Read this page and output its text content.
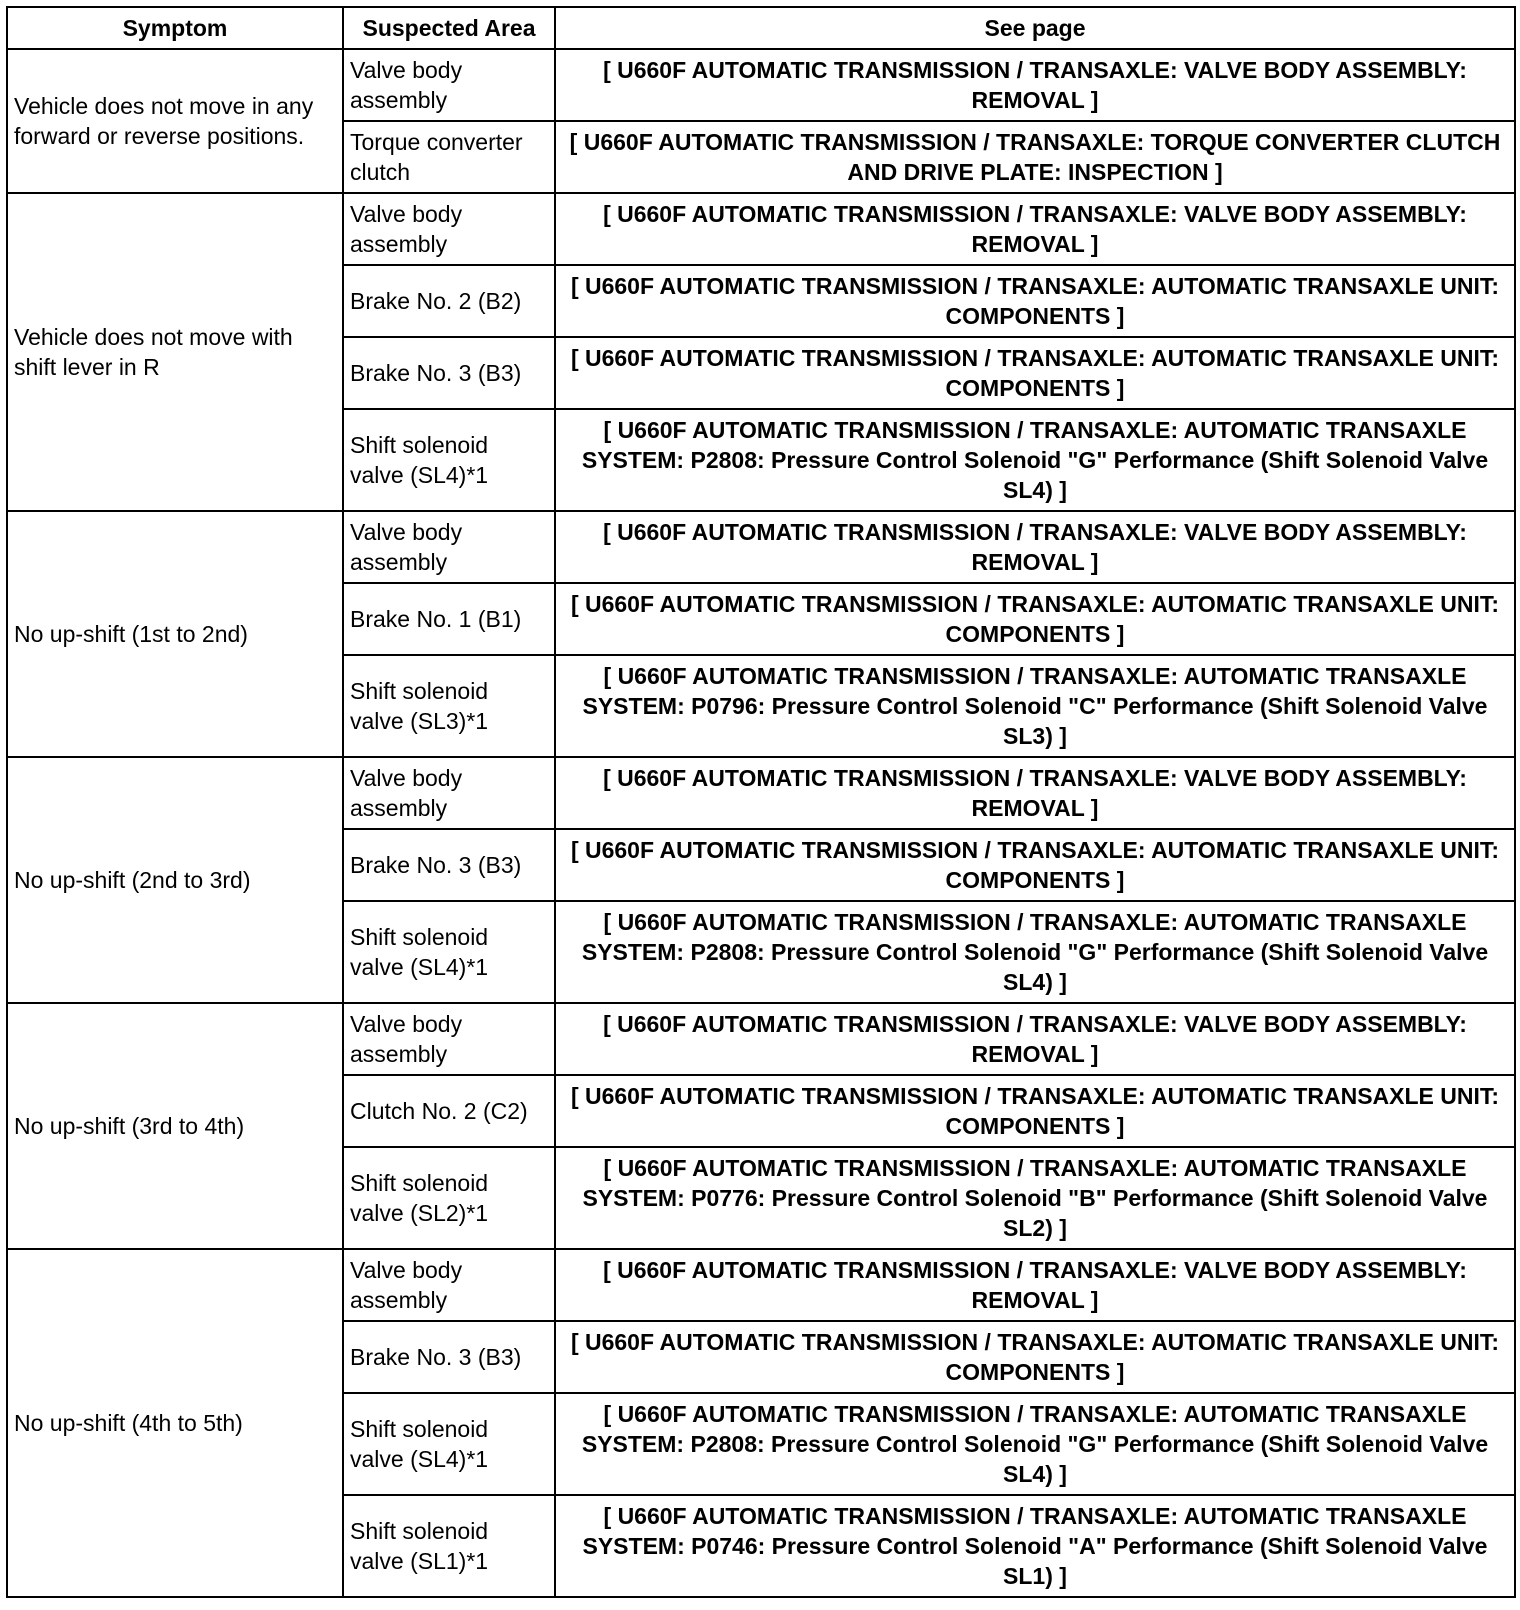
Symptom	Suspected Area	See page
Vehicle does not move in any forward or reverse positions.	Valve body assembly	[ U660F AUTOMATIC TRANSMISSION / TRANSAXLE: VALVE BODY ASSEMBLY: REMOVAL ]
	Torque converter clutch	[ U660F AUTOMATIC TRANSMISSION / TRANSAXLE: TORQUE CONVERTER CLUTCH AND DRIVE PLATE: INSPECTION ]
Vehicle does not move with shift lever in R	Valve body assembly	[ U660F AUTOMATIC TRANSMISSION / TRANSAXLE: VALVE BODY ASSEMBLY: REMOVAL ]
	Brake No. 2 (B2)	[ U660F AUTOMATIC TRANSMISSION / TRANSAXLE: AUTOMATIC TRANSAXLE UNIT: COMPONENTS ]
	Brake No. 3 (B3)	[ U660F AUTOMATIC TRANSMISSION / TRANSAXLE: AUTOMATIC TRANSAXLE UNIT: COMPONENTS ]
	Shift solenoid valve (SL4)*1	[ U660F AUTOMATIC TRANSMISSION / TRANSAXLE: AUTOMATIC TRANSAXLE SYSTEM: P2808: Pressure Control Solenoid "G" Performance (Shift Solenoid Valve SL4) ]
No up-shift (1st to 2nd)	Valve body assembly	[ U660F AUTOMATIC TRANSMISSION / TRANSAXLE: VALVE BODY ASSEMBLY: REMOVAL ]
	Brake No. 1 (B1)	[ U660F AUTOMATIC TRANSMISSION / TRANSAXLE: AUTOMATIC TRANSAXLE UNIT: COMPONENTS ]
	Shift solenoid valve (SL3)*1	[ U660F AUTOMATIC TRANSMISSION / TRANSAXLE: AUTOMATIC TRANSAXLE SYSTEM: P0796: Pressure Control Solenoid "C" Performance (Shift Solenoid Valve SL3) ]
No up-shift (2nd to 3rd)	Valve body assembly	[ U660F AUTOMATIC TRANSMISSION / TRANSAXLE: VALVE BODY ASSEMBLY: REMOVAL ]
	Brake No. 3 (B3)	[ U660F AUTOMATIC TRANSMISSION / TRANSAXLE: AUTOMATIC TRANSAXLE UNIT: COMPONENTS ]
	Shift solenoid valve (SL4)*1	[ U660F AUTOMATIC TRANSMISSION / TRANSAXLE: AUTOMATIC TRANSAXLE SYSTEM: P2808: Pressure Control Solenoid "G" Performance (Shift Solenoid Valve SL4) ]
No up-shift (3rd to 4th)	Valve body assembly	[ U660F AUTOMATIC TRANSMISSION / TRANSAXLE: VALVE BODY ASSEMBLY: REMOVAL ]
	Clutch No. 2 (C2)	[ U660F AUTOMATIC TRANSMISSION / TRANSAXLE: AUTOMATIC TRANSAXLE UNIT: COMPONENTS ]
	Shift solenoid valve (SL2)*1	[ U660F AUTOMATIC TRANSMISSION / TRANSAXLE: AUTOMATIC TRANSAXLE SYSTEM: P0776: Pressure Control Solenoid "B" Performance (Shift Solenoid Valve SL2) ]
No up-shift (4th to 5th)	Valve body assembly	[ U660F AUTOMATIC TRANSMISSION / TRANSAXLE: VALVE BODY ASSEMBLY: REMOVAL ]
	Brake No. 3 (B3)	[ U660F AUTOMATIC TRANSMISSION / TRANSAXLE: AUTOMATIC TRANSAXLE UNIT: COMPONENTS ]
	Shift solenoid valve (SL4)*1	[ U660F AUTOMATIC TRANSMISSION / TRANSAXLE: AUTOMATIC TRANSAXLE SYSTEM: P2808: Pressure Control Solenoid "G" Performance (Shift Solenoid Valve SL4) ]
	Shift solenoid valve (SL1)*1	[ U660F AUTOMATIC TRANSMISSION / TRANSAXLE: AUTOMATIC TRANSAXLE SYSTEM: P0746: Pressure Control Solenoid "A" Performance (Shift Solenoid Valve SL1) ]
